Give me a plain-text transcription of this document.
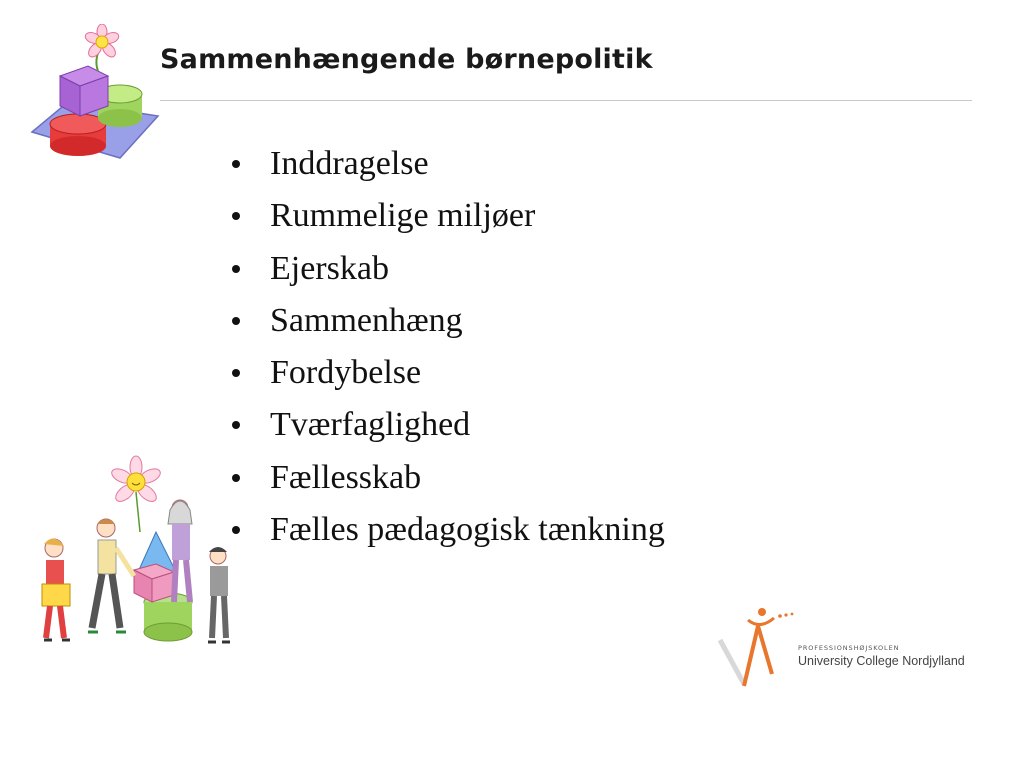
Sammenhængende børnepolitik
Inddragelse
Rummelige miljøer
Ejerskab
Sammenhæng
Fordybelse
Tværfaglighed
Fællesskab
Fælles pædagogisk tænkning
PROFESSIONSHØJSKOLEN
University College Nordjylland
